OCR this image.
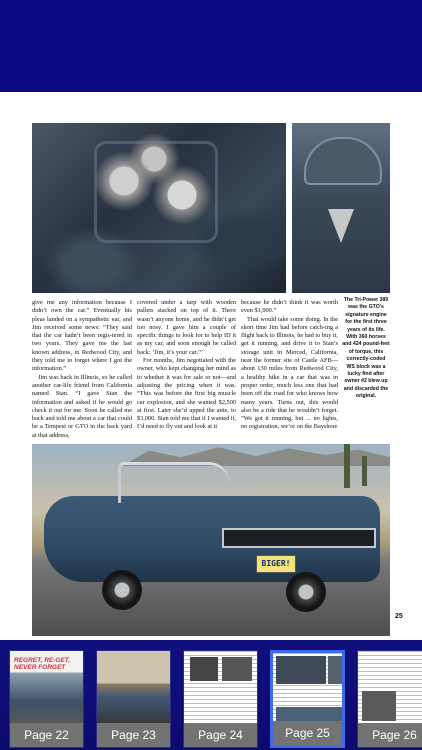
give me any information because I didn’t own the car.” Eventually his pleas landed on a sympathetic ear, and Jim received some news: “They said that the car hadn’t been regis-tered in two years. They gave me the last known address, in Redwood City, and they told me to forget where I got the information.”

Jim was back in Illinois, so he called another car-life friend from California named Stan. “I gave Stan the information and asked if he would go check it out for me. Soon he called me back and told me about a car that could be a Tempest or GTO in the back yard at that address,

covered under a tarp with wooden pallets stacked on top of it. There wasn’t anyone home, and he didn’t get too nosy. I gave him a couple of specific things to look for to help ID it as my car, and soon enough he called back: ‘Jim, it’s your car.’”

For months, Jim negotiated with the owner, who kept changing her mind as to whether it was for sale or not—and adjusting the pricing when it was. “This was before the first big muscle car explosion, and she wanted $2,500 at first. Later she’d upped the ante, to $3,000. Stan told me that if I wanted it, I’d need to fly out and look at it

because he didn’t think it was worth even $1,000.”

That would take some doing. In the short time Jim had before catch-ing a flight back to Illinois, he had to buy it, get it running, and drive it to Stan’s storage unit in Merced, California, near the former site of Castle AFB—about 130 miles from Redwood City, a healthy hike in a car that was in proper order, much less one that had been off the road for who knows how many years. Turns out, this would also be a ride that he wouldn’t forget. “We got it running, but ... no lights, no registration, we’re on the Bayshore

The Tri-Power 389 was the GTO’s signature engine for the first three years of its life. With 360 horses and 424 pound-feet of torque, this correctly-coded WS block was a lucky find after owner #2 blew up and discarded the original.

BIGER!
25
REGRET, RE-GET, NEVER FORGET
Page 22	Page 23	Page 24	Page 25	Page 26
